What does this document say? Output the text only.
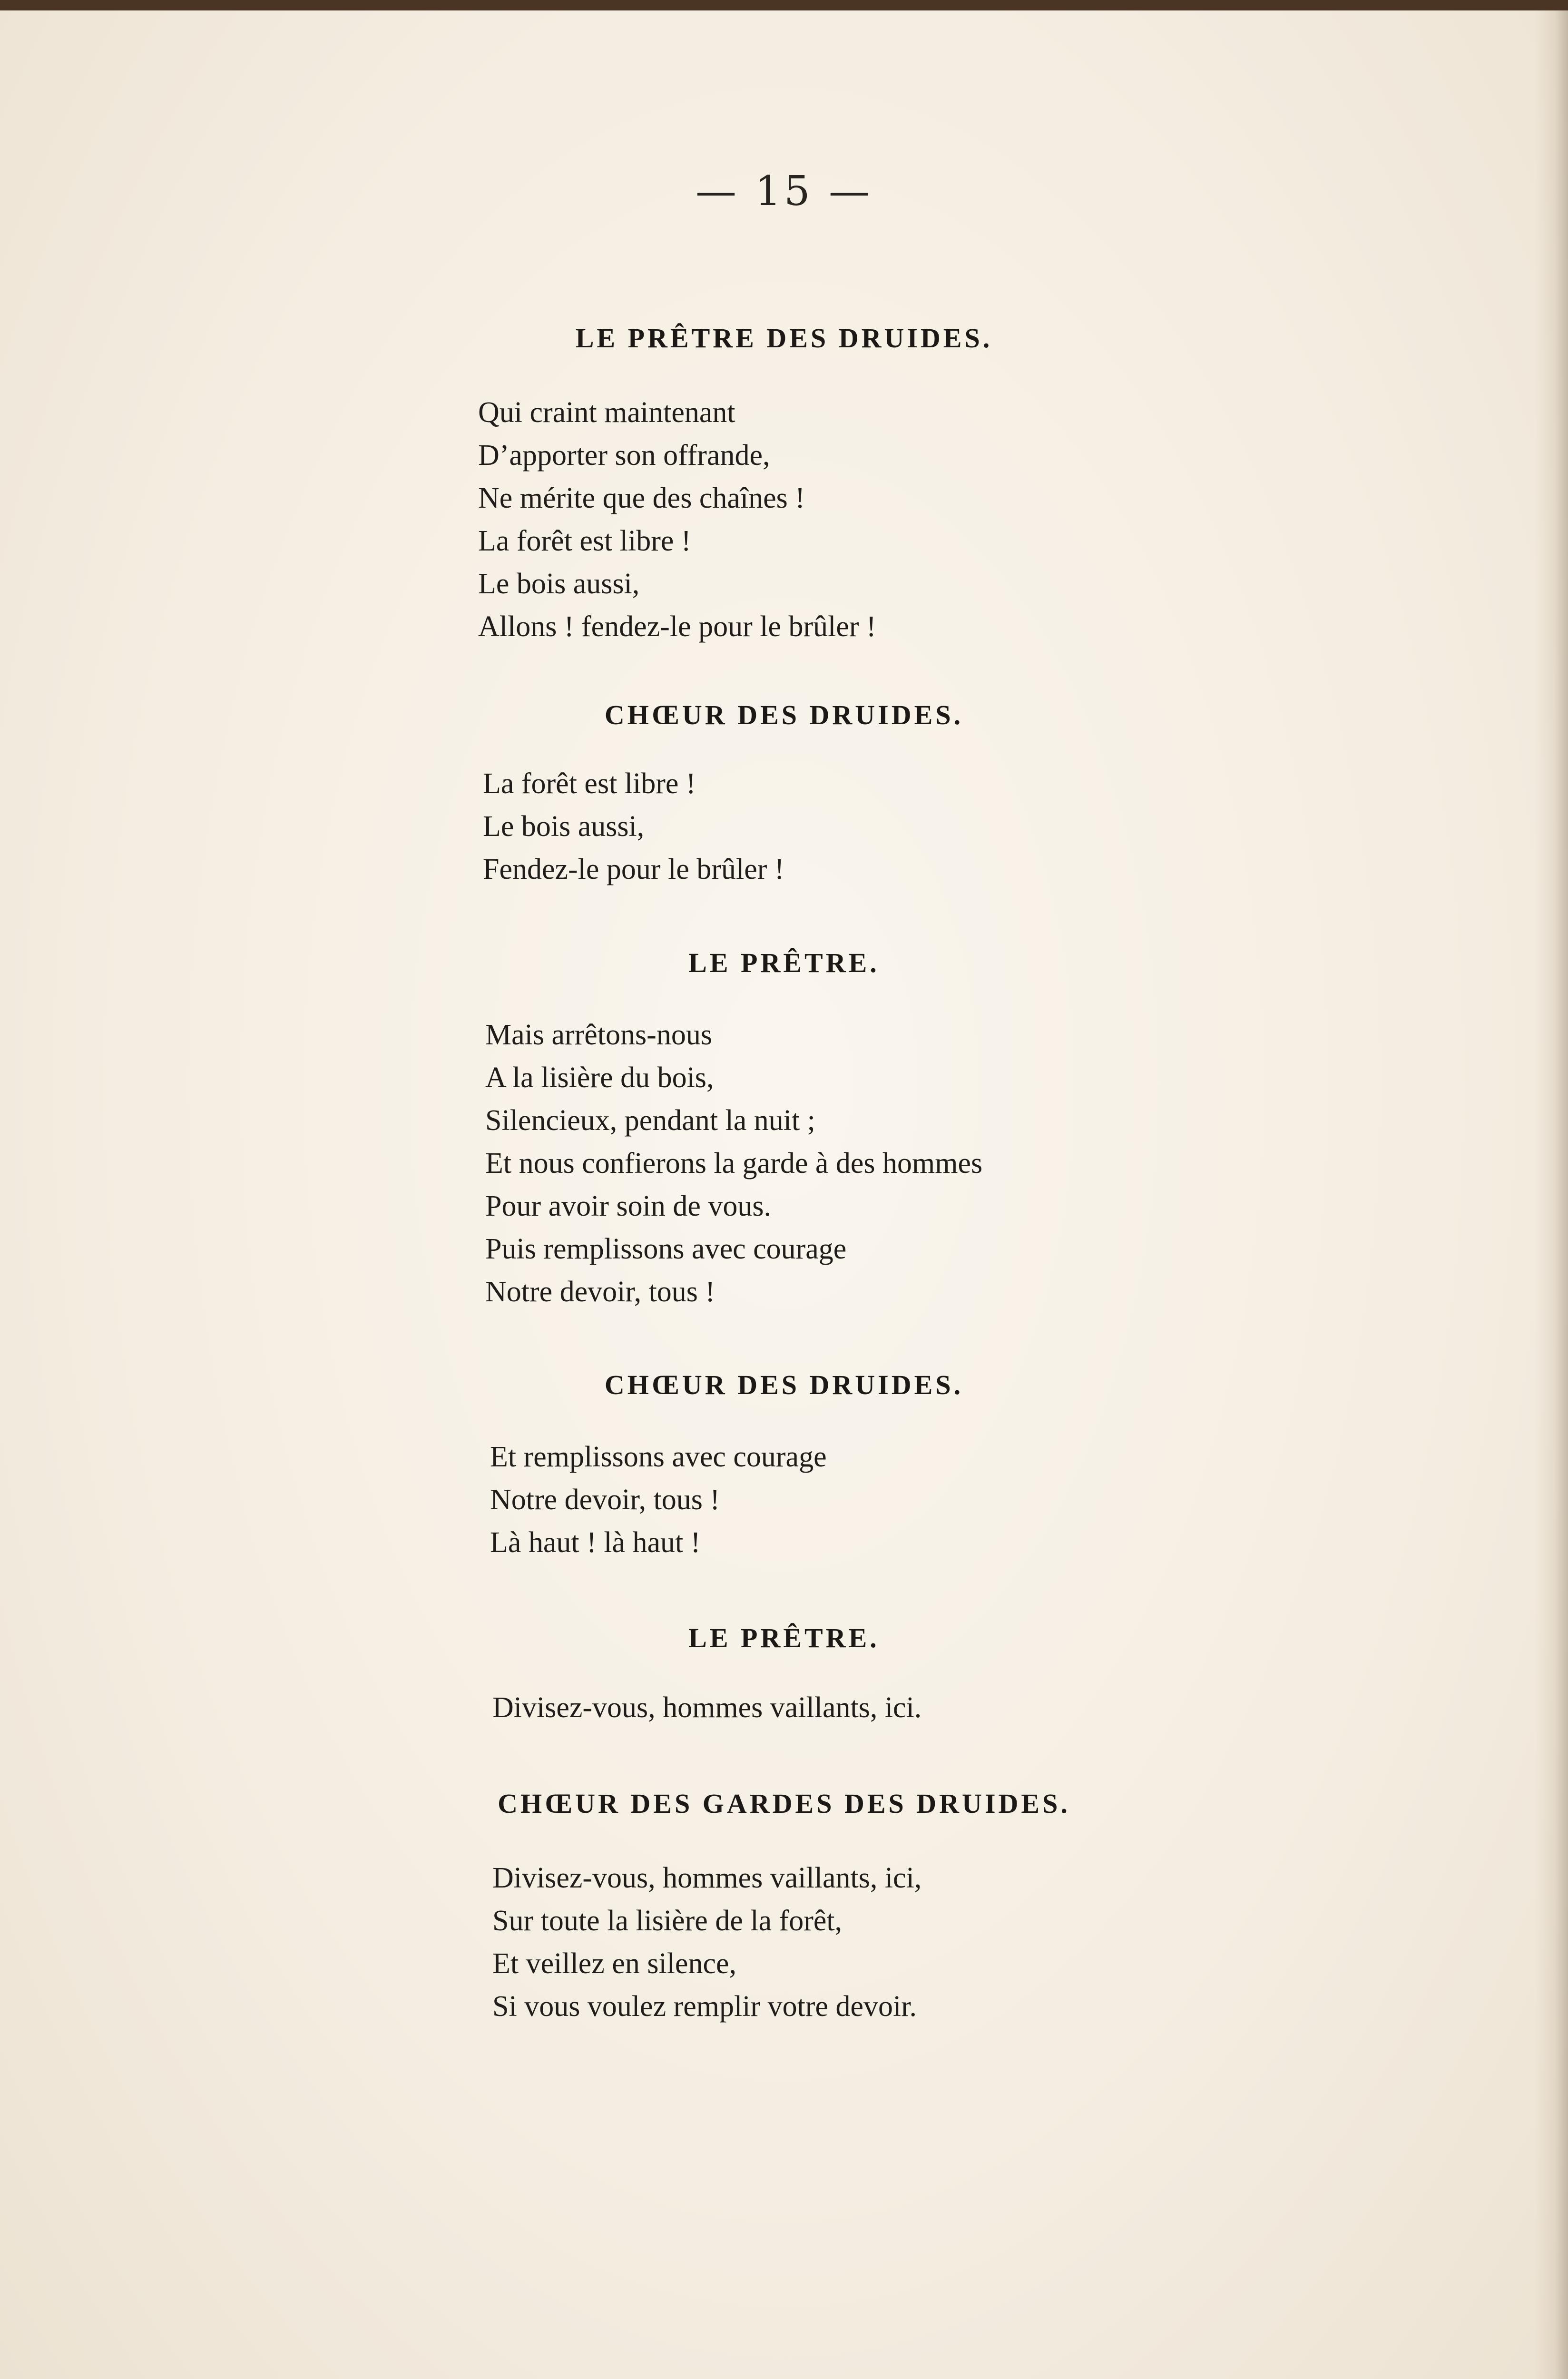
— 15 —
LE PRÊTRE DES DRUIDES.
Qui craint maintenant
D’apporter son offrande,
Ne mérite que des chaînes !
La forêt est libre !
Le bois aussi,
Allons ! fendez-le pour le brûler !
CHŒUR DES DRUIDES.
La forêt est libre !
Le bois aussi,
Fendez-le pour le brûler !
LE PRÊTRE.
Mais arrêtons-nous
A la lisière du bois,
Silencieux, pendant la nuit ;
Et nous confierons la garde à des hommes
Pour avoir soin de vous.
Puis remplissons avec courage
Notre devoir, tous !
CHŒUR DES DRUIDES.
Et remplissons avec courage
Notre devoir, tous !
Là haut ! là haut !
LE PRÊTRE.
Divisez-vous, hommes vaillants, ici.
CHŒUR DES GARDES DES DRUIDES.
Divisez-vous, hommes vaillants, ici,
Sur toute la lisière de la forêt,
Et veillez en silence,
Si vous voulez remplir votre devoir.
